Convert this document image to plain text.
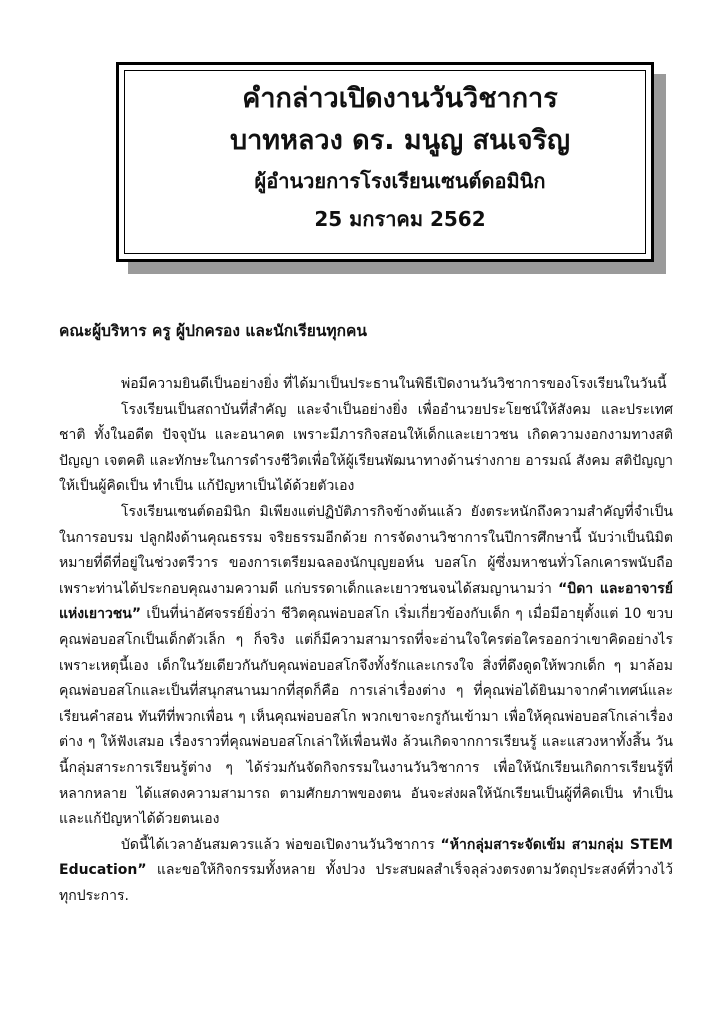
คำกล่าวเปิดงานวันวิชาการ
บาทหลวง ดร. มนูญ สนเจริญ
ผู้อำนวยการโรงเรียนเซนต์ดอมินิก
25 มกราคม 2562
คณะผู้บริหาร ครู ผู้ปกครอง และนักเรียนทุกคน

พ่อมีความยินดีเป็นอย่างยิ่ง ที่ได้มาเป็นประธานในพิธีเปิดงานวันวิชาการของโรงเรียนในวันนี้

โรงเรียนเป็นสถาบันที่สำคัญ และจำเป็นอย่างยิ่ง เพื่ออำนวยประโยชน์ให้สังคม และประเทศชาติ ทั้งในอดีต ปัจจุบัน และอนาคต เพราะมีภารกิจสอนให้เด็กและเยาวชน เกิดความงอกงามทางสติปัญญา เจตคติ และทักษะในการดำรงชีวิตเพื่อให้ผู้เรียนพัฒนาทางด้านร่างกาย อารมณ์ สังคม สติปัญญา ให้เป็นผู้คิดเป็น ทำเป็น แก้ปัญหาเป็นได้ด้วยตัวเอง

โรงเรียนเซนต์ดอมินิก มิเพียงแต่ปฏิบัติภารกิจข้างต้นแล้ว ยังตระหนักถึงความสำคัญที่จำเป็นในการอบรม ปลูกฝังด้านคุณธรรม จริยธรรมอีกด้วย การจัดงานวิชาการในปีการศึกษานี้ นับว่าเป็นนิมิตหมายที่ดีที่อยู่ในช่วงตรีวาร ของการเตรียมฉลองนักบุญยอห์น บอสโก ผู้ซึ่งมหาชนทั่วโลกเคารพนับถือ เพราะท่านได้ประกอบคุณงามความดี แก่บรรดาเด็กและเยาวชนจนได้สมญานามว่า “บิดา และอาจารย์ แห่งเยาวชน” เป็นที่น่าอัศจรรย์ยิ่งว่า ชีวิตคุณพ่อบอสโก เริ่มเกี่ยวข้องกับเด็ก ๆ เมื่อมีอายุตั้งแต่ 10 ขวบ คุณพ่อบอสโกเป็นเด็กตัวเล็ก ๆ ก็จริง แต่ก็มีความสามารถที่จะอ่านใจใครต่อใครออกว่าเขาคิดอย่างไร เพราะเหตุนี้เอง เด็กในวัยเดียวกันกับคุณพ่อบอสโกจึงทั้งรักและเกรงใจ สิ่งที่ดึงดูดให้พวกเด็ก ๆ มาล้อมคุณพ่อบอสโกและเป็นที่สนุกสนานมากที่สุดก็คือ การเล่าเรื่องต่าง ๆ ที่คุณพ่อได้ยินมาจากคำเทศน์และเรียนคำสอน ทันทีที่พวกเพื่อน ๆ เห็นคุณพ่อบอสโก พวกเขาจะกรูกันเข้ามา เพื่อให้คุณพ่อบอสโกเล่าเรื่องต่าง ๆ ให้ฟังเสมอ เรื่องราวที่คุณพ่อบอสโกเล่าให้เพื่อนฟัง ล้วนเกิดจากการเรียนรู้ และแสวงหาทั้งสิ้น วันนี้กลุ่มสาระการเรียนรู้ต่าง ๆ ได้ร่วมกันจัดกิจกรรมในงานวันวิชาการ เพื่อให้นักเรียนเกิดการเรียนรู้ที่หลากหลาย ได้แสดงความสามารถ ตามศักยภาพของตน อันจะส่งผลให้นักเรียนเป็นผู้ที่คิดเป็น ทำเป็น และแก้ปัญหาได้ด้วยตนเอง

บัดนี้ได้เวลาอันสมควรแล้ว พ่อขอเปิดงานวันวิชาการ “ห้ากลุ่มสาระจัดเข้ม สามกลุ่ม STEM Education” และขอให้กิจกรรมทั้งหลาย ทั้งปวง ประสบผลสำเร็จลุล่วงตรงตามวัตถุประสงค์ที่วางไว้ทุกประการ.
